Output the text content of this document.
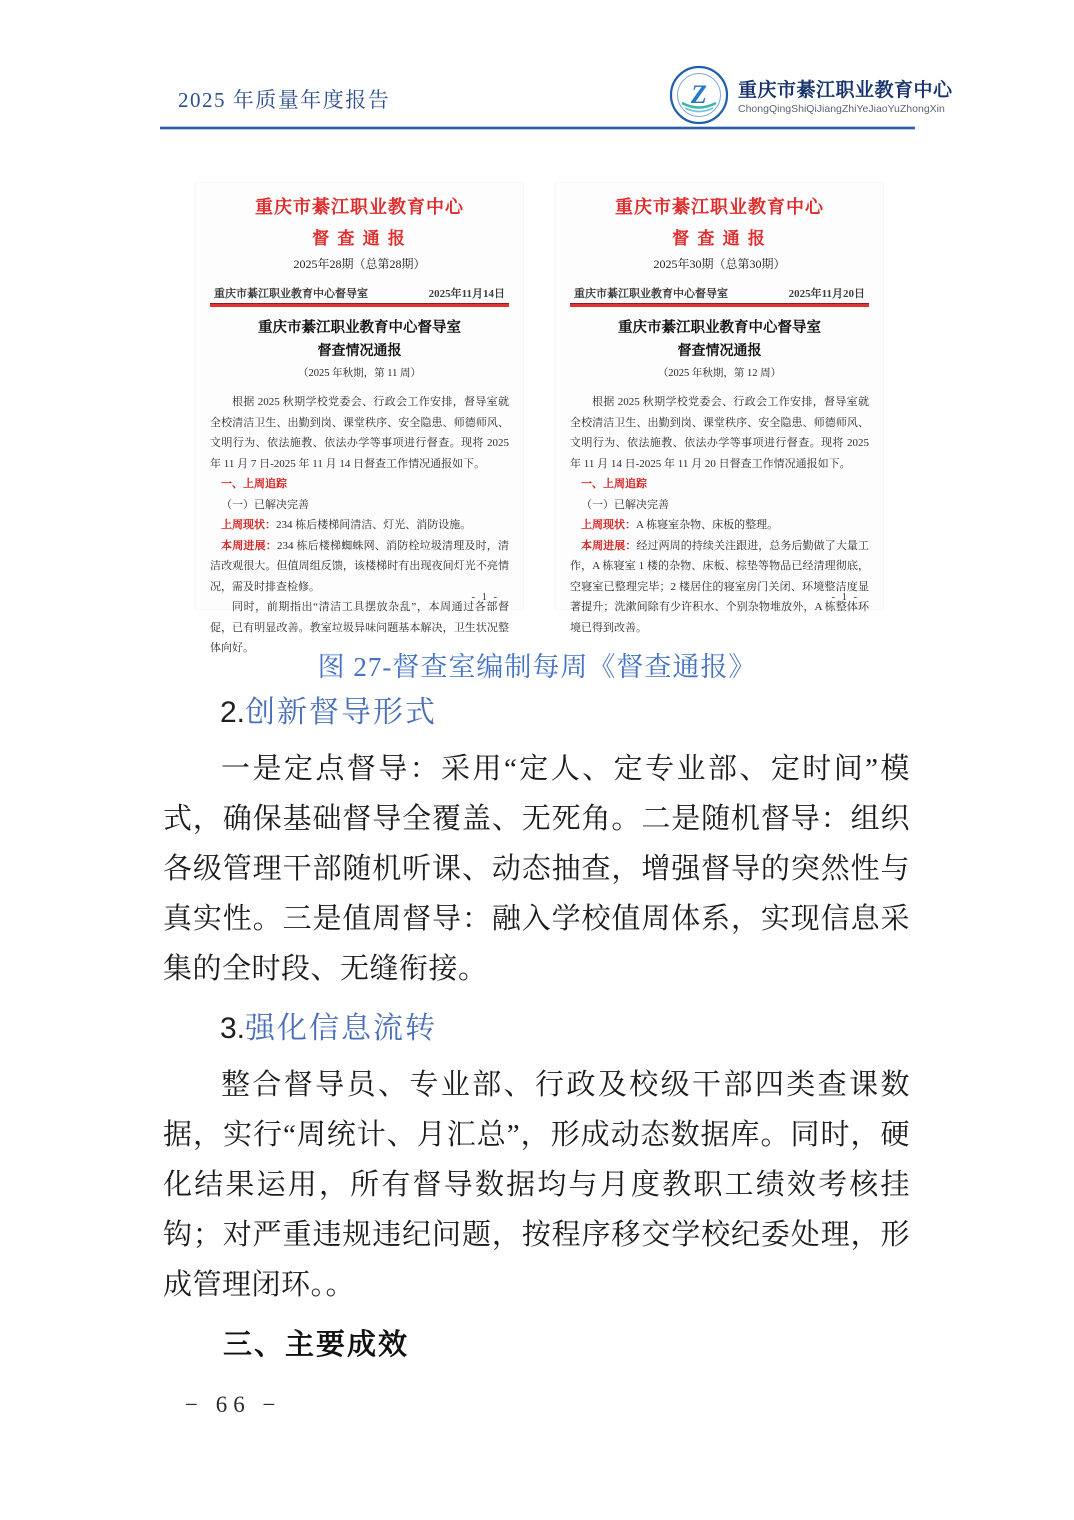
2025 年质量年度报告	Z 重庆市綦江职业教育中心
ChongQingShiQiJiangZhiYeJiaoYuZhongXin
重庆市綦江职业教育中心
督 查 通 报
2025年28期（总第28期）
重庆市綦江职业教育中心督导室	2025年11月14日
重庆市綦江职业教育中心督导室
督查情况通报
（2025 年秋期，第 11 周）

根据 2025 秋期学校党委会、行政会工作安排，督导室就全校清洁卫生、出勤到岗、课堂秩序、安全隐患、师德师风、文明行为、依法施教、依法办学等事项进行督查。现将 2025 年 11 月 7 日-2025 年 11 月 14 日督查工作情况通报如下。

一、上周追踪

（一）已解决完善

上周现状：234 栋后楼梯间清洁、灯光、消防设施。

本周进展：234 栋后楼梯蜘蛛网、消防栓垃圾清理及时，清洁改观很大。但值周组反馈，该楼梯时有出现夜间灯光不亮情况，需及时排查检修。

同时，前期指出“清洁工具摆放杂乱”，本周通过各部督促，已有明显改善。教室垃圾异味问题基本解决，卫生状况整体向好。

- 1 -
重庆市綦江职业教育中心
督 查 通 报
2025年30期（总第30期）
重庆市綦江职业教育中心督导室	2025年11月20日
重庆市綦江职业教育中心督导室
督查情况通报
（2025 年秋期，第 12 周）

根据 2025 秋期学校党委会、行政会工作安排，督导室就全校清洁卫生、出勤到岗、课堂秩序、安全隐患、师德师风、文明行为、依法施教、依法办学等事项进行督查。现将 2025 年 11 月 14 日-2025 年 11 月 20 日督查工作情况通报如下。

一、上周追踪

（一）已解决完善

上周现状：A 栋寝室杂物、床板的整理。

本周进展：经过两周的持续关注跟进，总务后勤做了大量工作，A 栋寝室 1 楼的杂物、床板、棕垫等物品已经清理彻底，空寝室已整理完毕；2 楼居住的寝室房门关闭、环境整洁度显著提升；洗漱间除有少许积水、个别杂物堆放外，A 栋整体环境已得到改善。

- 1 -
图 27-督查室编制每周《督查通报》
2.创新督导形式

一是定点督导：采用“定人、定专业部、定时间”模式，确保基础督导全覆盖、无死角。二是随机督导：组织各级管理干部随机听课、动态抽查，增强督导的突然性与真实性。三是值周督导：融入学校值周体系，实现信息采集的全时段、无缝衔接。

3.强化信息流转

整合督导员、专业部、行政及校级干部四类查课数据，实行“周统计、月汇总”，形成动态数据库。同时，硬化结果运用，所有督导数据均与月度教职工绩效考核挂钩；对严重违规违纪问题，按程序移交学校纪委处理，形成管理闭环。。

三、主要成效
− 66 −
